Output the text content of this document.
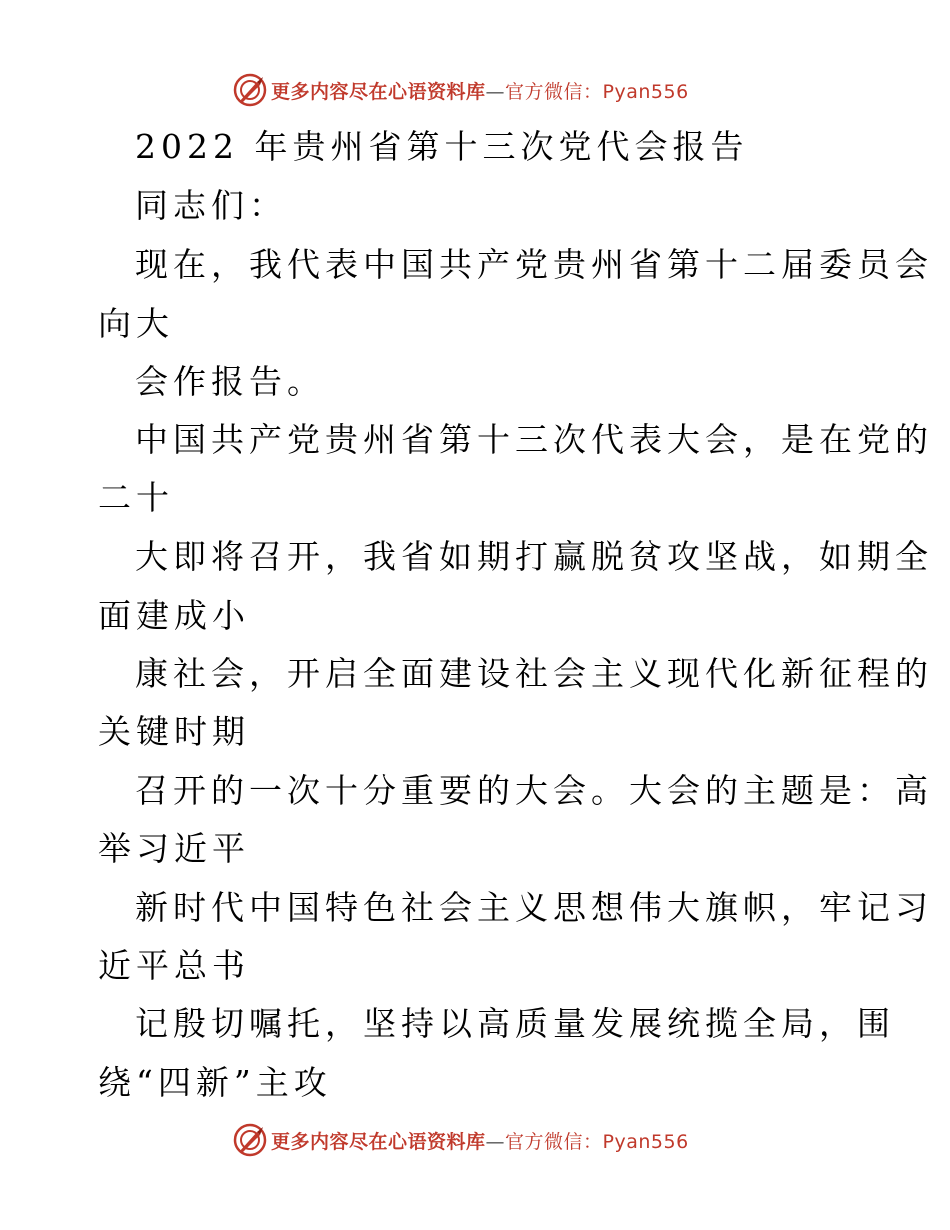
更多内容尽在心语资料库—官方微信：Pyan556

2022 年贵州省第十三次党代会报告

同志们：

现在，我代表中国共产党贵州省第十二届委员会

向大

会作报告。

中国共产党贵州省第十三次代表大会，是在党的

二十

大即将召开，我省如期打赢脱贫攻坚战，如期全

面建成小

康社会，开启全面建设社会主义现代化新征程的

关键时期

召开的一次十分重要的大会。大会的主题是：高

举习近平

新时代中国特色社会主义思想伟大旗帜，牢记习

近平总书

记殷切嘱托，坚持以高质量发展统揽全局，围

绕“四新”主攻

更多内容尽在心语资料库—官方微信：Pyan556
